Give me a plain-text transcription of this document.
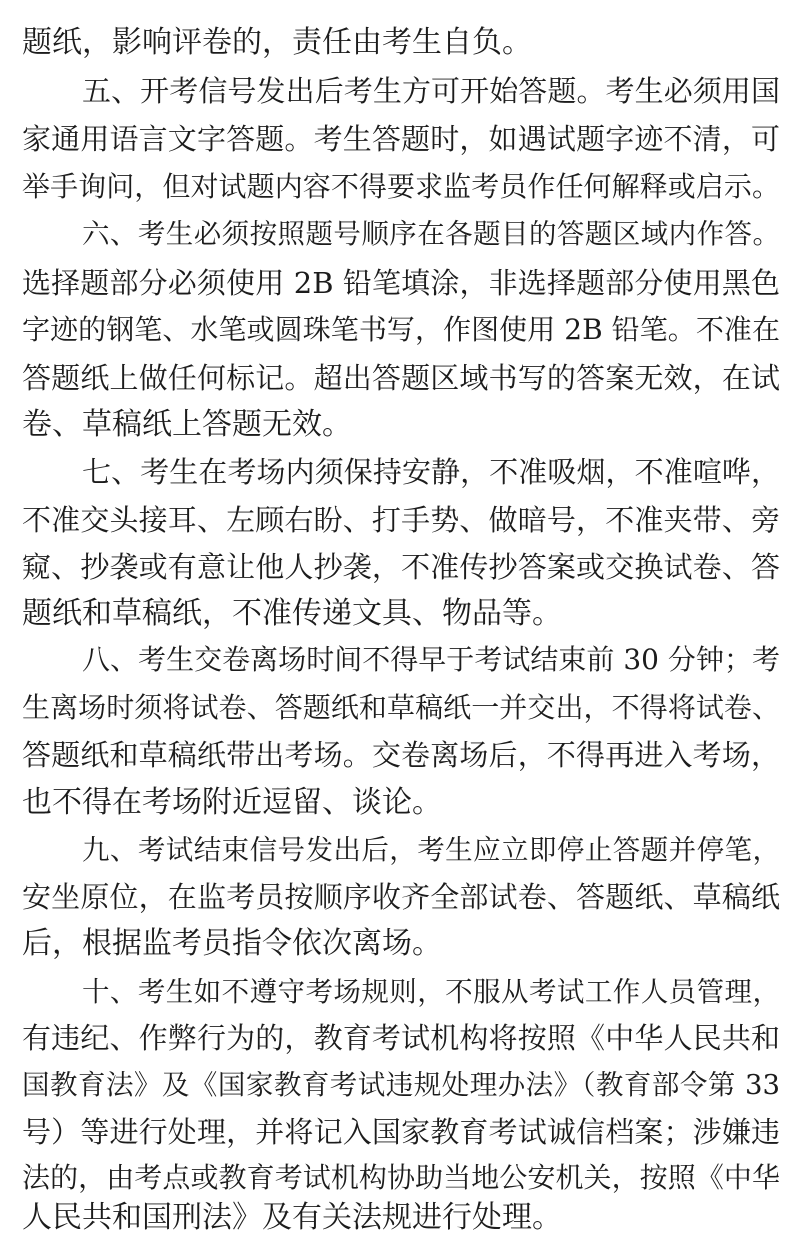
题纸，影响评卷的，责任由考生自负。

五、开考信号发出后考生方可开始答题。考生必须用国

家通用语言文字答题。考生答题时，如遇试题字迹不清，可

举手询问，但对试题内容不得要求监考员作任何解释或启示。

六、考生必须按照题号顺序在各题目的答题区域内作答。

选择题部分必须使用 2B 铅笔填涂，非选择题部分使用黑色

字迹的钢笔、水笔或圆珠笔书写，作图使用 2B 铅笔。不准在

答题纸上做任何标记。超出答题区域书写的答案无效，在试

卷、草稿纸上答题无效。

七、考生在考场内须保持安静，不准吸烟，不准喧哗，

不准交头接耳、左顾右盼、打手势、做暗号，不准夹带、旁

窥、抄袭或有意让他人抄袭，不准传抄答案或交换试卷、答

题纸和草稿纸，不准传递文具、物品等。

八、考生交卷离场时间不得早于考试结束前 30 分钟；考

生离场时须将试卷、答题纸和草稿纸一并交出，不得将试卷、

答题纸和草稿纸带出考场。交卷离场后，不得再进入考场，

也不得在考场附近逗留、谈论。

九、考试结束信号发出后，考生应立即停止答题并停笔，

安坐原位，在监考员按顺序收齐全部试卷、答题纸、草稿纸

后，根据监考员指令依次离场。

十、考生如不遵守考场规则，不服从考试工作人员管理，

有违纪、作弊行为的，教育考试机构将按照《中华人民共和

国教育法》及《国家教育考试违规处理办法》（教育部令第 33

号）等进行处理，并将记入国家教育考试诚信档案；涉嫌违

法的，由考点或教育考试机构协助当地公安机关，按照《中华

人民共和国刑法》及有关法规进行处理。
